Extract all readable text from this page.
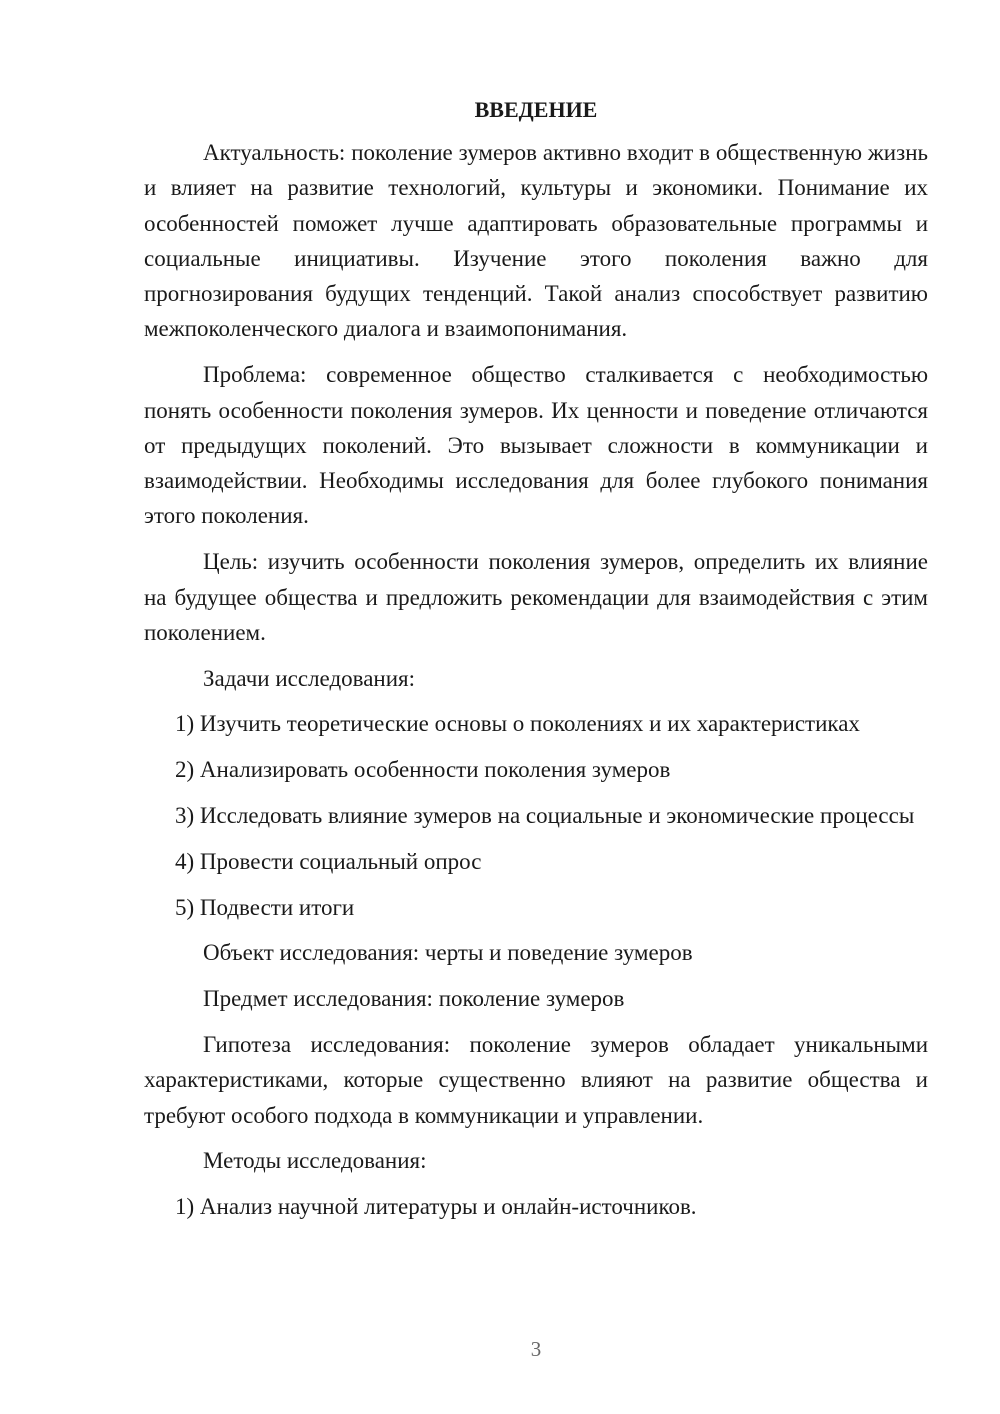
ВВЕДЕНИЕ

Актуальность: поколение зумеров активно входит в общественную жизнь и влияет на развитие технологий, культуры и экономики. Понимание их особенностей поможет лучше адаптировать образовательные программы и социальные инициативы. Изучение этого поколения важно для прогнозирования будущих тенденций. Такой анализ способствует развитию межпоколенческого диалога и взаимопонимания.

Проблема: современное общество сталкивается с необходимостью понять особенности поколения зумеров. Их ценности и поведение отличаются от предыдущих поколений. Это вызывает сложности в коммуникации и взаимодействии. Необходимы исследования для более глубокого понимания этого поколения.

Цель: изучить особенности поколения зумеров, определить их влияние на будущее общества и предложить рекомендации для взаимодействия с этим поколением.

Задачи исследования:

1) Изучить теоретические основы о поколениях и их характеристиках

2) Анализировать особенности поколения зумеров

3) Исследовать влияние зумеров на социальные и экономические процессы

4) Провести социальный опрос

5) Подвести итоги

Объект исследования: черты и поведение зумеров

Предмет исследования: поколение зумеров

Гипотеза исследования: поколение зумеров обладает уникальными характеристиками, которые существенно влияют на развитие общества и требуют особого подхода в коммуникации и управлении.

Методы исследования:

1) Анализ научной литературы и онлайн-источников.

3
